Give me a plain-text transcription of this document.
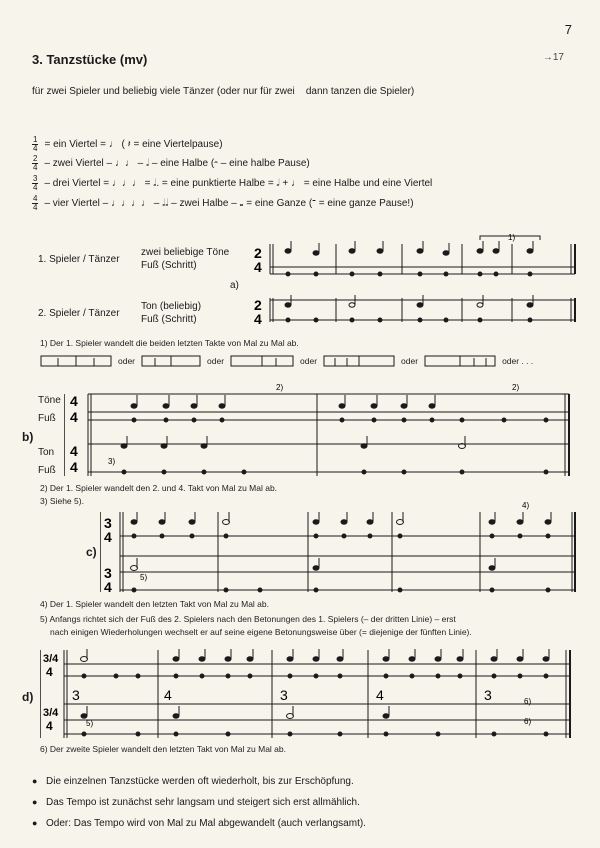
7
→17
3. Tanzstücke (mv)
für zwei Spieler und beliebig viele Tänzer (oder nur für zwei    dann tanzen die Spieler)
$\frac{1}{4}$ = ein Viertel = ♩ ( 𝄽 = eine Viertelpause)
$\frac{2}{4}$ – zwei Viertel – ♩♩ – 𝅗𝅥 – eine Halbe (𝄼 – eine halbe Pause)
$\frac{3}{4}$ – drei Viertel = ♩♩♩ = 𝅗𝅥. = eine punktierte Halbe = 𝅗𝅥 + ♩ = eine Halbe und eine Viertel
$\frac{4}{4}$ – vier Viertel – ♩♩♩♩ – 𝅗𝅥𝅗𝅥 – zwei Halbe – 𝅝 = eine Ganze (𝄻 = eine ganze Pause!)
1. Spieler / Tänzer
zwei beliebige Töne
Fuß (Schritt)
a)
2. Spieler / Tänzer
Ton (beliebig)
Fuß (Schritt)
1)
2
4
2
4
1) Der 1. Spieler wandelt die beiden letzten Takte von Mal zu Mal ab.
oder	oder	oder	oder	oder . . .
Töne
Fuß
b)
Ton
Fuß
4
4
4
4
2)	2)
3)
2) Der 1. Spieler wandelt den 2. und 4. Takt von Mal zu Mal ab.
3) Siehe 5).
c)
3
4
3
4
4)
5)
4) Der 1. Spieler wandelt den letzten Takt von Mal zu Mal ab.
5) Anfangs richtet sich der Fuß des 2. Spielers nach den Betonungen des 1. Spielers (– der dritten Linie) – erst
nach einigen Wiederholungen wechselt er auf seine eigene Betonungsweise über (= diejenige der fünften Linie).
d)
3/4
4
3/4
4
3	4	3	4	3	6)
6)
5)
6) Der zweite Spieler wandelt den letzten Takt von Mal zu Mal ab.
● Die einzelnen Tanzstücke werden oft wiederholt, bis zur Erschöpfung.
● Das Tempo ist zunächst sehr langsam und steigert sich erst allmählich.
● Oder: Das Tempo wird von Mal zu Mal abgewandelt (auch verlangsamt).
